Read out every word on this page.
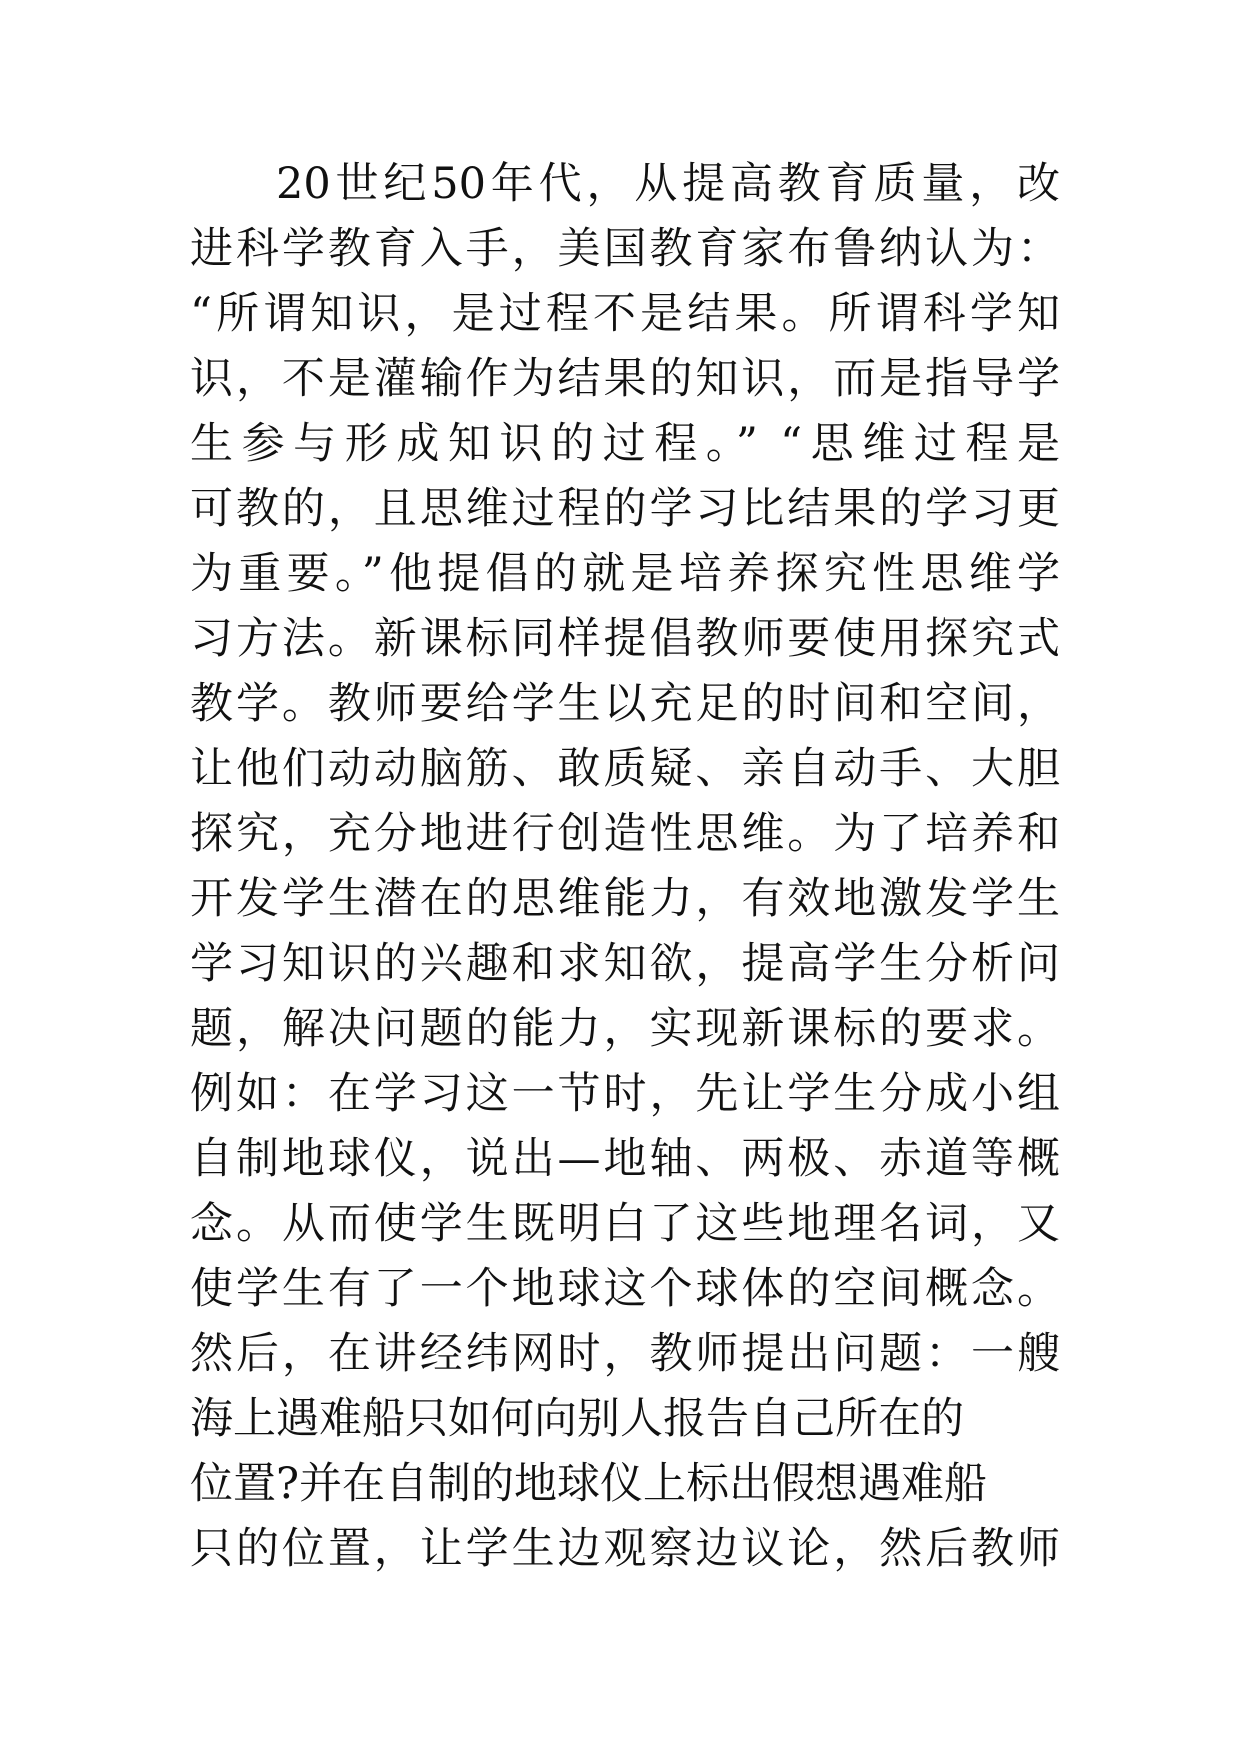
20世纪50年代，从提高教育质量，改
进科学教育入手，美国教育家布鲁纳认为：
“所谓知识，是过程不是结果。所谓科学知
识，不是灌输作为结果的知识，而是指导学
生参与形成知识的过程。” “思维过程是
可教的，且思维过程的学习比结果的学习更
为重要。”他提倡的就是培养探究性思维学
习方法。新课标同样提倡教师要使用探究式
教学。教师要给学生以充足的时间和空间，
让他们动动脑筋、敢质疑、亲自动手、大胆
探究，充分地进行创造性思维。为了培养和
开发学生潜在的思维能力，有效地激发学生
学习知识的兴趣和求知欲，提高学生分析问
题，解决问题的能力，实现新课标的要求。
例如：在学习这一节时，先让学生分成小组
自制地球仪，说出—地轴、两极、赤道等概
念。从而使学生既明白了这些地理名词，又
使学生有了一个地球这个球体的空间概念。
然后，在讲经纬网时，教师提出问题：一艘
海上遇难船只如何向别人报告自己所在的
位置?并在自制的地球仪上标出假想遇难船
只的位置，让学生边观察边议论，然后教师
